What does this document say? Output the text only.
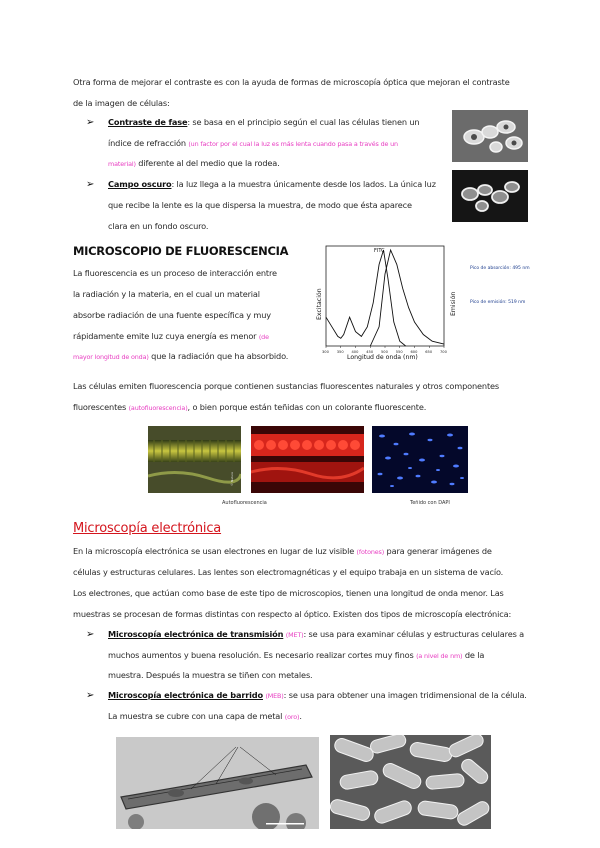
Otra forma de mejorar el contraste es con la ayuda de formas de microscopía óptica que mejoran el contraste
de la imagen de células:
➢ Contraste de fase: se basa en el principio según el cual las células tienen un
índice de refracción (un factor por el cual la luz es más lenta cuando pasa a través de un
material) diferente al del medio que la rodea.
➢ Campo oscuro: la luz llega a la muestra únicamente desde los lados. La única luz
que recibe la lente es la que dispersa la muestra, de modo que ésta aparece
clara en un fondo oscuro.
MICROSCOPIO DE FLUORESCENCIA
La fluorescencia es un proceso de interacción entre
la radiación y la materia, en el cual un material
absorbe radiación de una fuente específica y muy
rápidamente emite luz cuya energía es menor (de
mayor longitud de onda) que la radiación que ha absorbido.	300 350 400 450 500 550 600 650 700
FITC
Longitud de onda (nm)
Excitación	Emisión
Pico de absorción: 495 nm
Pico de emisión: 519 nm
Las células emiten fluorescencia porque contienen sustancias fluorescentes naturales y otros componentes
fluorescentes (autofluorescencia), o bien porque están teñidas con un colorante fluorescente.
© Nature
Autofluorescencia	Teñido con DAPI
Microscopía electrónica
En la microscopía electrónica se usan electrones en lugar de luz visible (fotones) para generar imágenes de
células y estructuras celulares. Las lentes son electromagnéticas y el equipo trabaja en un sistema de vacío.
Los electrones, que actúan como base de este tipo de microscopios, tienen una longitud de onda menor. Las
muestras se procesan de formas distintas con respecto al óptico. Existen dos tipos de microscopía electrónica:
➢ Microscopía electrónica de transmisión (MET): se usa para examinar células y estructuras celulares a
muchos aumentos y buena resolución. Es necesario realizar cortes muy finos (a nivel de nm) de la
muestra. Después la muestra se tiñen con metales.
➢ Microscopía electrónica de barrido (MEB): se usa para obtener una imagen tridimensional de la célula.
La muestra se cubre con una capa de metal (oro).
